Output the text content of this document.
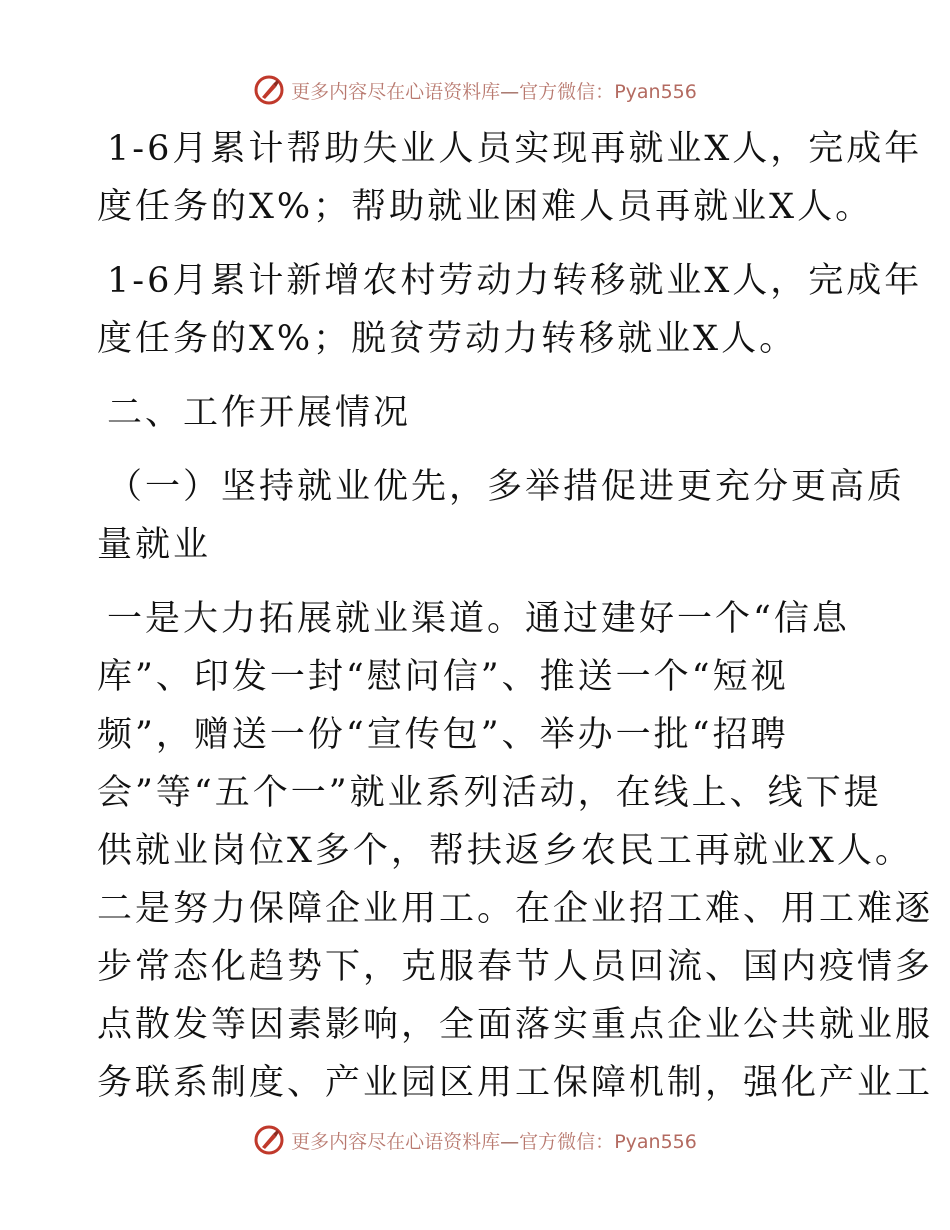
更多内容尽在心语资料库—官方微信：Pyan556
1-6月累计帮助失业人员实现再就业X人，完成年
度任务的X%；帮助就业困难人员再就业X人。
1-6月累计新增农村劳动力转移就业X人，完成年
度任务的X%；脱贫劳动力转移就业X人。
二、工作开展情况
（一）坚持就业优先，多举措促进更充分更高质
量就业
一是大力拓展就业渠道。通过建好一个“信息
库”、印发一封“慰问信”、推送一个“短视
频”，赠送一份“宣传包”、举办一批“招聘
会”等“五个一”就业系列活动，在线上、线下提
供就业岗位X多个，帮扶返乡农民工再就业X人。
二是努力保障企业用工。在企业招工难、用工难逐
步常态化趋势下，克服春节人员回流、国内疫情多
点散发等因素影响，全面落实重点企业公共就业服
务联系制度、产业园区用工保障机制，强化产业工
更多内容尽在心语资料库—官方微信：Pyan556
